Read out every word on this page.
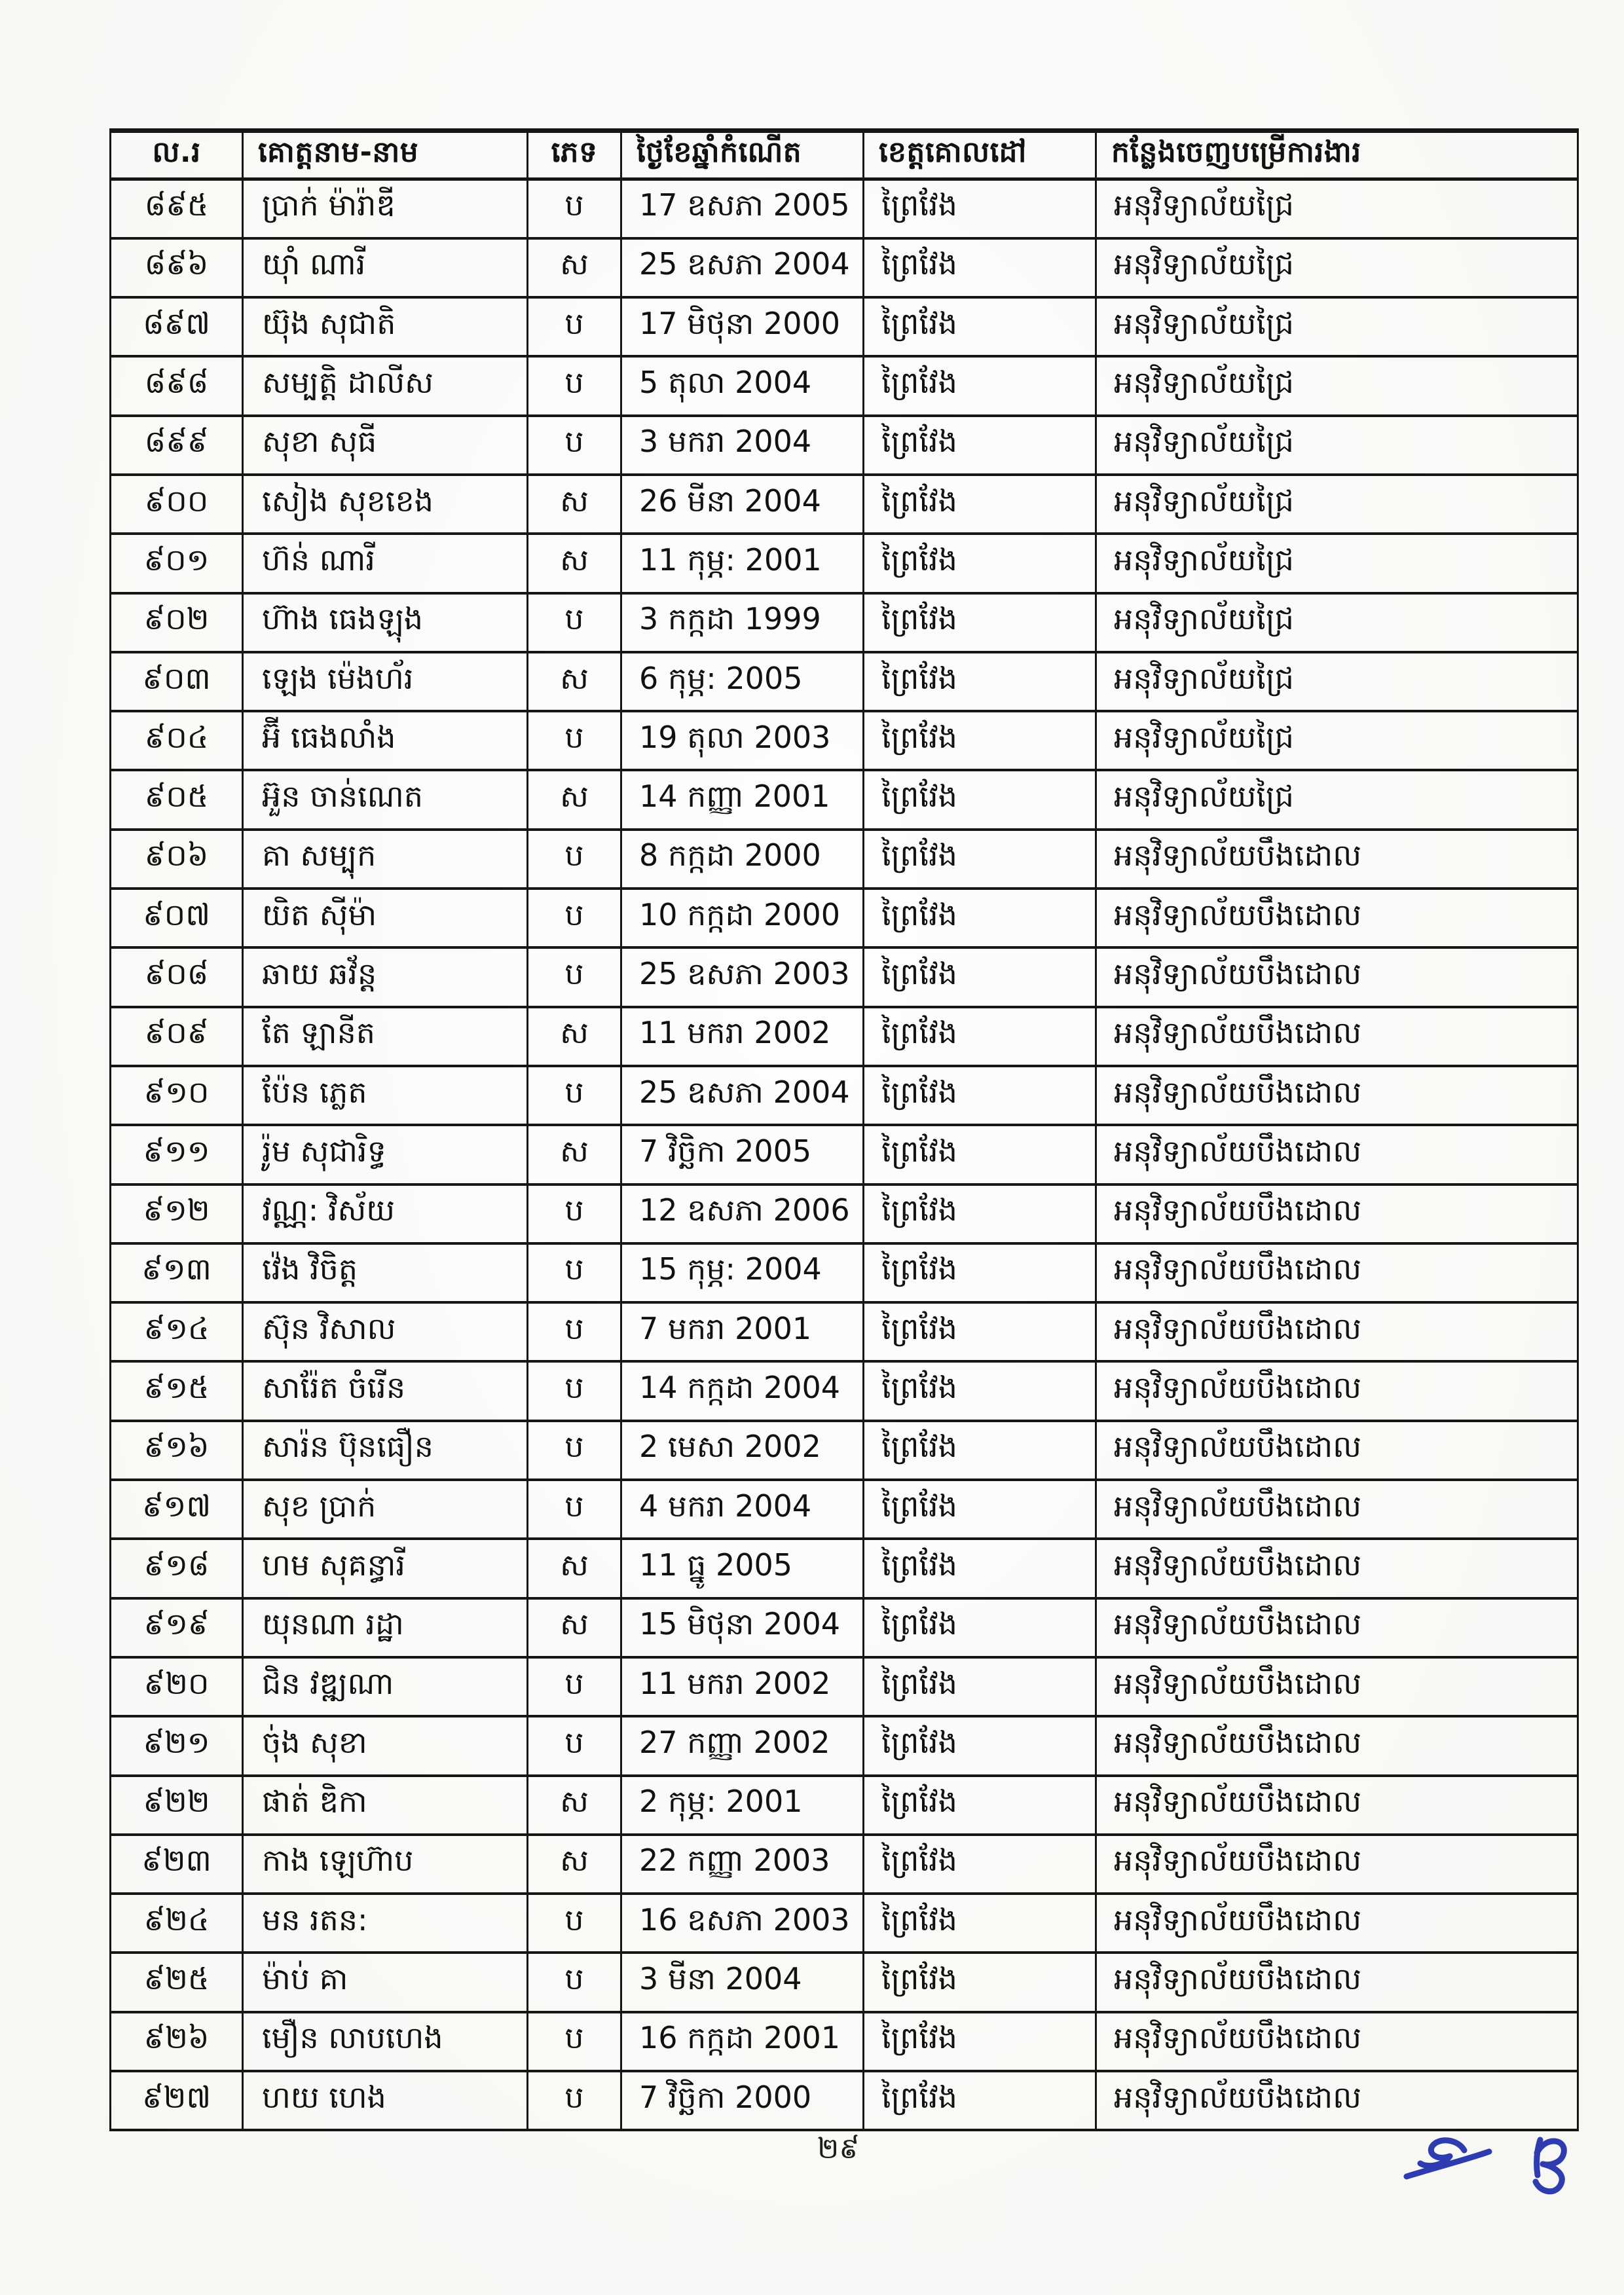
ល.រ	គោត្តនាម-នាម	ភេទ	ថ្ងៃខែឆ្នាំកំណើត	ខេត្តគោលដៅ	កន្លែងចេញបម្រើការងារ
៨៩៥	ប្រាក់ ម៉ារ៉ាឌី	ប	17 ឧសភា 2005	ព្រៃវែង	អនុវិទ្យាល័យជ្រៃ
៨៩៦	យុាំ ណារី	ស	25 ឧសភា 2004	ព្រៃវែង	អនុវិទ្យាល័យជ្រៃ
៨៩៧	យ៊ុង សុជាតិ	ប	17 មិថុនា 2000	ព្រៃវែង	អនុវិទ្យាល័យជ្រៃ
៨៩៨	សម្បត្តិ ដាលីស	ប	5 តុលា 2004	ព្រៃវែង	អនុវិទ្យាល័យជ្រៃ
៨៩៩	សុខា សុធី	ប	3 មករា 2004	ព្រៃវែង	អនុវិទ្យាល័យជ្រៃ
៩០០	សៀង សុខខេង	ស	26 មីនា 2004	ព្រៃវែង	អនុវិទ្យាល័យជ្រៃ
៩០១	ហ៊ន់ ណារី	ស	11 កុម្ភ: 2001	ព្រៃវែង	អនុវិទ្យាល័យជ្រៃ
៩០២	ហ៊ាង ធេងឡុង	ប	3 កក្កដា 1999	ព្រៃវែង	អនុវិទ្យាល័យជ្រៃ
៩០៣	ឡេង ម៉េងហ័រ	ស	6 កុម្ភ: 2005	ព្រៃវែង	អនុវិទ្យាល័យជ្រៃ
៩០៤	អ៊ី ធេងលាំង	ប	19 តុលា 2003	ព្រៃវែង	អនុវិទ្យាល័យជ្រៃ
៩០៥	អ៊ួន ចាន់ណេត	ស	14 កញ្ញា 2001	ព្រៃវែង	អនុវិទ្យាល័យជ្រៃ
៩០៦	គា សម្បុក	ប	8 កក្កដា 2000	ព្រៃវែង	អនុវិទ្យាល័យបឹងដោល
៩០៧	យិត ស៊ីម៉ា	ប	10 កក្កដា 2000	ព្រៃវែង	អនុវិទ្យាល័យបឹងដោល
៩០៨	ឆាយ ឆវ័ន្ត	ប	25 ឧសភា 2003	ព្រៃវែង	អនុវិទ្យាល័យបឹងដោល
៩០៩	តែ ឡានីត	ស	11 មករា 2002	ព្រៃវែង	អនុវិទ្យាល័យបឹងដោល
៩១០	ប៉ែន ភ្លេត	ប	25 ឧសភា 2004	ព្រៃវែង	អនុវិទ្យាល័យបឹងដោល
៩១១	រ៉ូម សុជារិទ្ធ	ស	7 វិច្ឆិកា 2005	ព្រៃវែង	អនុវិទ្យាល័យបឹងដោល
៩១២	វណ្ណ: វិស័យ	ប	12 ឧសភា 2006	ព្រៃវែង	អនុវិទ្យាល័យបឹងដោល
៩១៣	វ៉េង វិចិត្ត	ប	15 កុម្ភ: 2004	ព្រៃវែង	អនុវិទ្យាល័យបឹងដោល
៩១៤	ស៊ុន វិសាល	ប	7 មករា 2001	ព្រៃវែង	អនុវិទ្យាល័យបឹងដោល
៩១៥	សារ៉ែត ចំរើន	ប	14 កក្កដា 2004	ព្រៃវែង	អនុវិទ្យាល័យបឹងដោល
៩១៦	សារ៉ន ប៊ុនធឿន	ប	2 មេសា 2002	ព្រៃវែង	អនុវិទ្យាល័យបឹងដោល
៩១៧	សុខ ប្រាក់	ប	4 មករា 2004	ព្រៃវែង	អនុវិទ្យាល័យបឹងដោល
៩១៨	ហម សុគន្ធារី	ស	11 ធ្នូ 2005	ព្រៃវែង	អនុវិទ្យាល័យបឹងដោល
៩១៩	យុនណា រដ្ឋា	ស	15 មិថុនា 2004	ព្រៃវែង	អនុវិទ្យាល័យបឹងដោល
៩២០	ជិន វឌ្ឍណា	ប	11 មករា 2002	ព្រៃវែង	អនុវិទ្យាល័យបឹងដោល
៩២១	ចុ់ង សុខា	ប	27 កញ្ញា 2002	ព្រៃវែង	អនុវិទ្យាល័យបឹងដោល
៩២២	ផាត់ ឌិកា	ស	2 កុម្ភ: 2001	ព្រៃវែង	អនុវិទ្យាល័យបឹងដោល
៩២៣	កាង ឡេហ៊ាប	ស	22 កញ្ញា 2003	ព្រៃវែង	អនុវិទ្យាល័យបឹងដោល
៩២៤	មន រតន:	ប	16 ឧសភា 2003	ព្រៃវែង	អនុវិទ្យាល័យបឹងដោល
៩២៥	ម៉ាប់ គា	ប	3 មីនា 2004	ព្រៃវែង	អនុវិទ្យាល័យបឹងដោល
៩២៦	មឿន លាបហេង	ប	16 កក្កដា 2001	ព្រៃវែង	អនុវិទ្យាល័យបឹងដោល
៩២៧	ហយ ហេង	ប	7 វិច្ឆិកា 2000	ព្រៃវែង	អនុវិទ្យាល័យបឹងដោល
២៩
